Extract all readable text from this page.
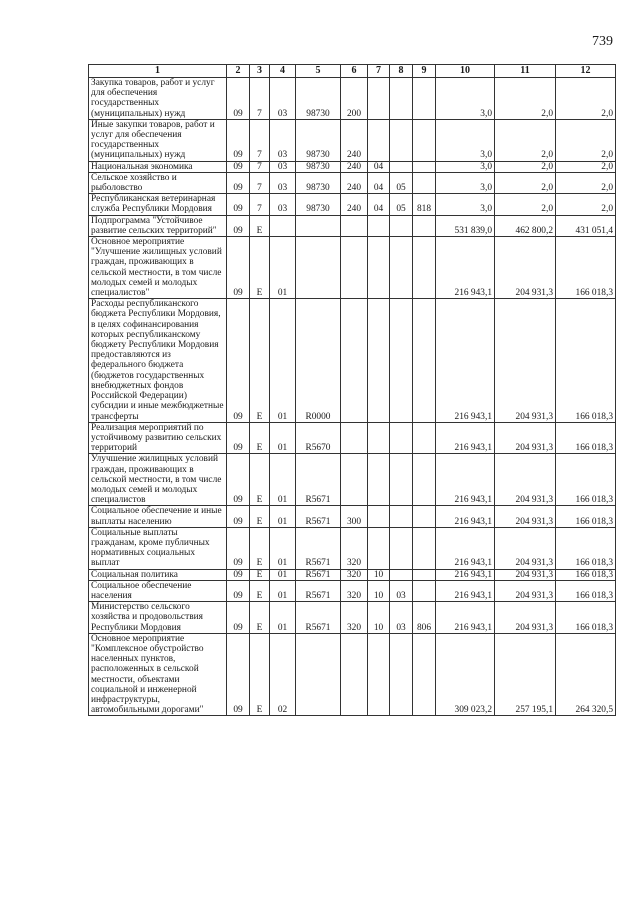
739
1	2	3	4	5	6	7	8	9	10	11	12
Закупка товаров, работ и услуг для обеспечения государственных (муниципальных) нужд	09	7	03	98730	200				3,0	2,0	2,0
Иные закупки товаров, работ и услуг для обеспечения государственных (муниципальных) нужд	09	7	03	98730	240				3,0	2,0	2,0
Национальная экономика	09	7	03	98730	240	04			3,0	2,0	2,0
Сельское хозяйство и рыболовство	09	7	03	98730	240	04	05		3,0	2,0	2,0
Республиканская ветеринарная служба Республики Мордовия	09	7	03	98730	240	04	05	818	3,0	2,0	2,0
Подпрограмма "Устойчивое развитие сельских территорий"	09	Е							531 839,0	462 800,2	431 051,4
Основное мероприятие "Улучшение жилищных условий граждан, проживающих в сельской местности, в том числе молодых семей и молодых специалистов"	09	Е	01						216 943,1	204 931,3	166 018,3
Расходы республиканского бюджета Республики Мордовия, в целях софинансирования которых республиканскому бюджету Республики Мордовия предоставляются из федерального бюджета (бюджетов государственных внебюджетных фондов Российской Федерации) субсидии и иные межбюджетные трансферты	09	Е	01	R0000					216 943,1	204 931,3	166 018,3
Реализация мероприятий по устойчивому развитию сельских территорий	09	Е	01	R5670					216 943,1	204 931,3	166 018,3
Улучшение жилищных условий граждан, проживающих в сельской местности, в том числе молодых семей и молодых специалистов	09	Е	01	R5671					216 943,1	204 931,3	166 018,3
Социальное обеспечение и иные выплаты населению	09	Е	01	R5671	300				216 943,1	204 931,3	166 018,3
Социальные выплаты гражданам, кроме публичных нормативных социальных выплат	09	Е	01	R5671	320				216 943,1	204 931,3	166 018,3
Социальная политика	09	Е	01	R5671	320	10			216 943,1	204 931,3	166 018,3
Социальное обеспечение населения	09	Е	01	R5671	320	10	03		216 943,1	204 931,3	166 018,3
Министерство сельского хозяйства и продовольствия Республики Мордовия	09	Е	01	R5671	320	10	03	806	216 943,1	204 931,3	166 018,3
Основное мероприятие "Комплексное обустройство населенных пунктов, расположенных в сельской местности, объектами социальной и инженерной инфраструктуры, автомобильными дорогами"	09	Е	02						309 023,2	257 195,1	264 320,5
